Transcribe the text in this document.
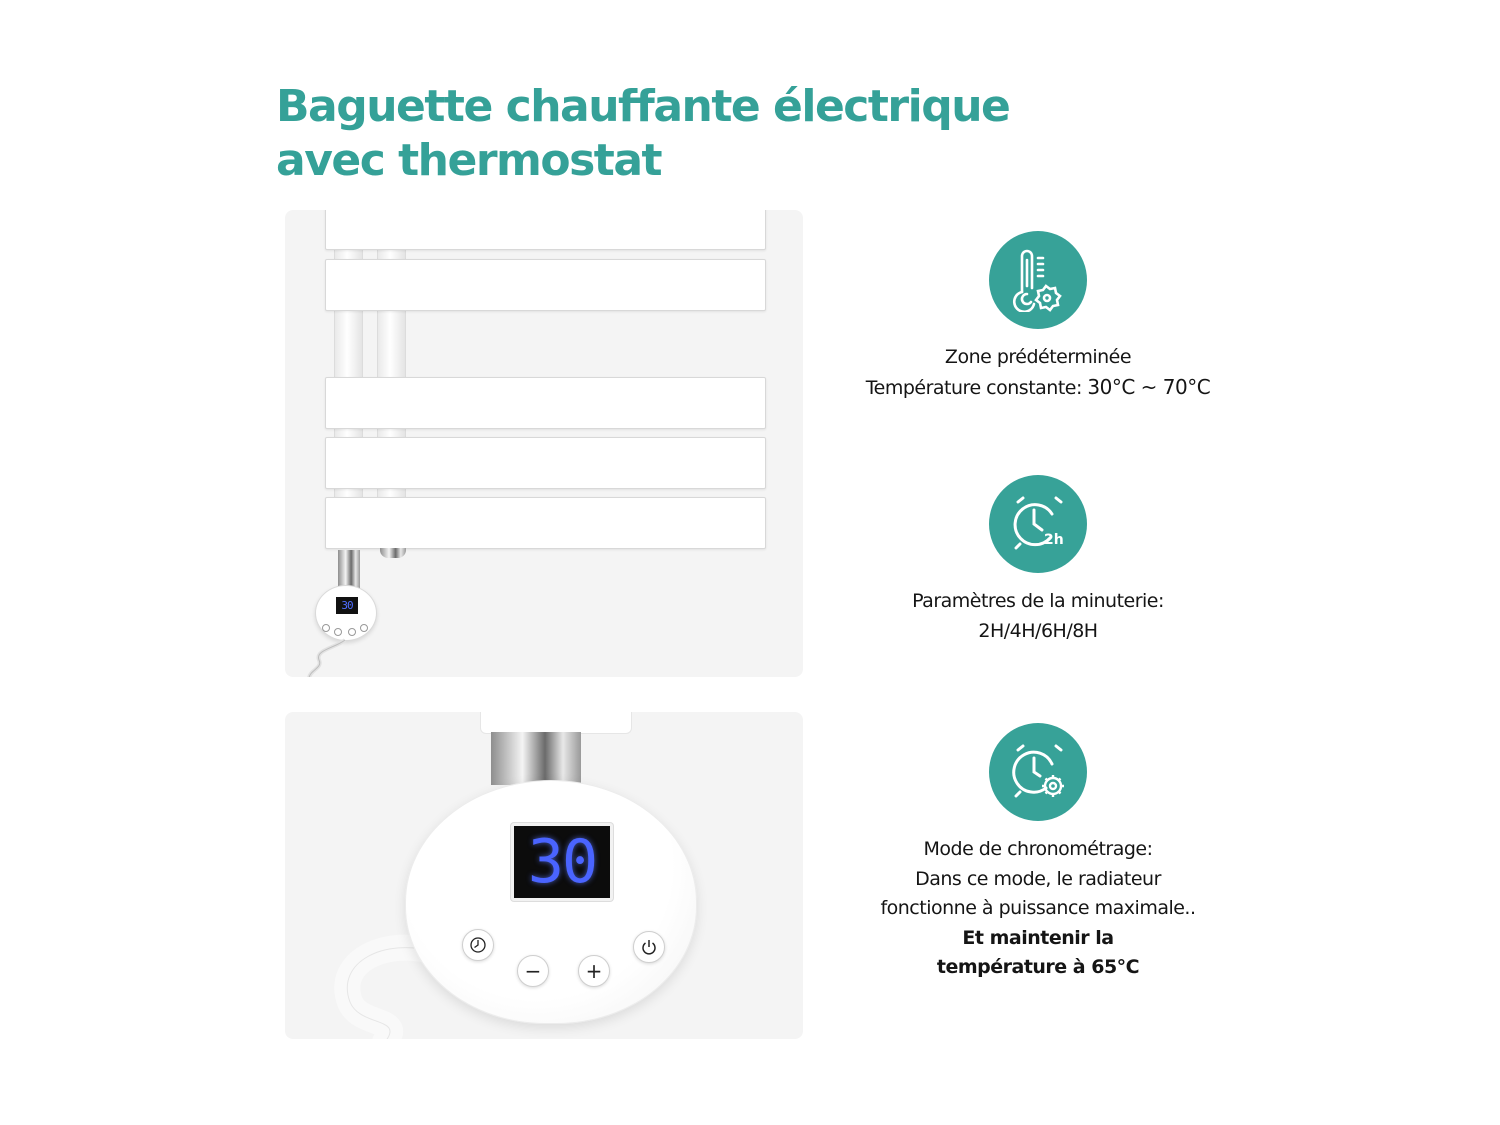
Baguette chauffante électrique
avec thermostat
30
30
− +
Zone prédéterminée
Température constante: 30°C ~ 70°C
2h
Paramètres de la minuterie:
2H/4H/6H/8H
Mode de chronométrage:
Dans ce mode, le radiateur
fonctionne à puissance maximale..
Et maintenir la
température à 65°C
